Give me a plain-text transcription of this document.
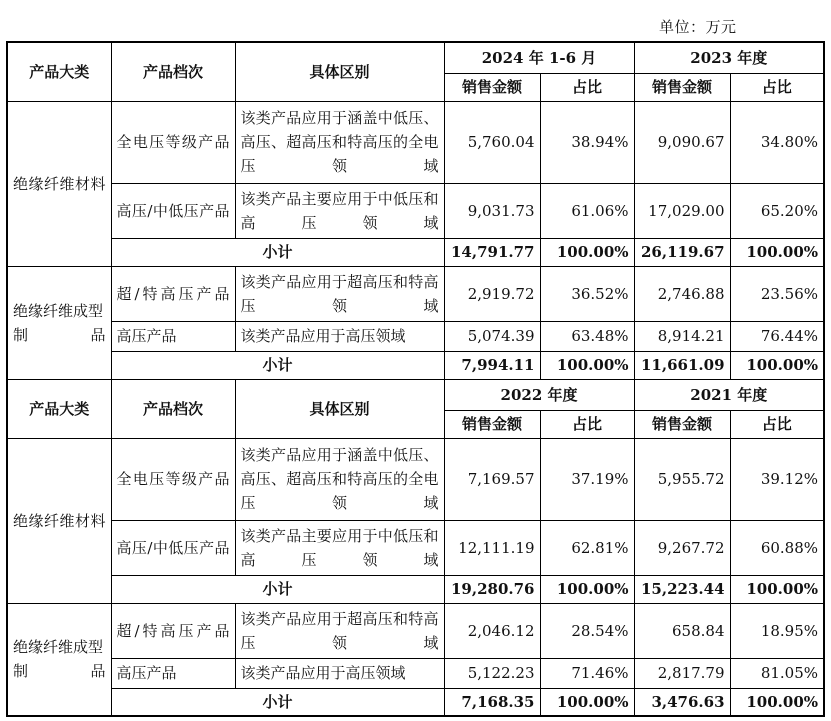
单位：万元
产品大类	产品档次	具体区别	2024 年 1-6 月		2023 年度	
			销售金额	占比	销售金额	占比
绝缘纤维材料	全电压等级产品	该类产品应用于涵盖中低压、高压、超高压和特高压的全电压领域	5,760.04	38.94%	9,090.67	34.80%
	高压/中低压产品	该类产品主要应用于中低压和高压领域	9,031.73	61.06%	17,029.00	65.20%
	小计		14,791.77	100.00%	26,119.67	100.00%
绝缘纤维成型制品	超/特高压产品	该类产品应用于超高压和特高压领域	2,919.72	36.52%	2,746.88	23.56%
	高压产品	该类产品应用于高压领域	5,074.39	63.48%	8,914.21	76.44%
	小计		7,994.11	100.00%	11,661.09	100.00%
产品大类	产品档次	具体区别	2022 年度		2021 年度	
			销售金额	占比	销售金额	占比
绝缘纤维材料	全电压等级产品	该类产品应用于涵盖中低压、高压、超高压和特高压的全电压领域	7,169.57	37.19%	5,955.72	39.12%
	高压/中低压产品	该类产品主要应用于中低压和高压领域	12,111.19	62.81%	9,267.72	60.88%
	小计		19,280.76	100.00%	15,223.44	100.00%
绝缘纤维成型制品	超/特高压产品	该类产品应用于超高压和特高压领域	2,046.12	28.54%	658.84	18.95%
	高压产品	该类产品应用于高压领域	5,122.23	71.46%	2,817.79	81.05%
	小计		7,168.35	100.00%	3,476.63	100.00%
